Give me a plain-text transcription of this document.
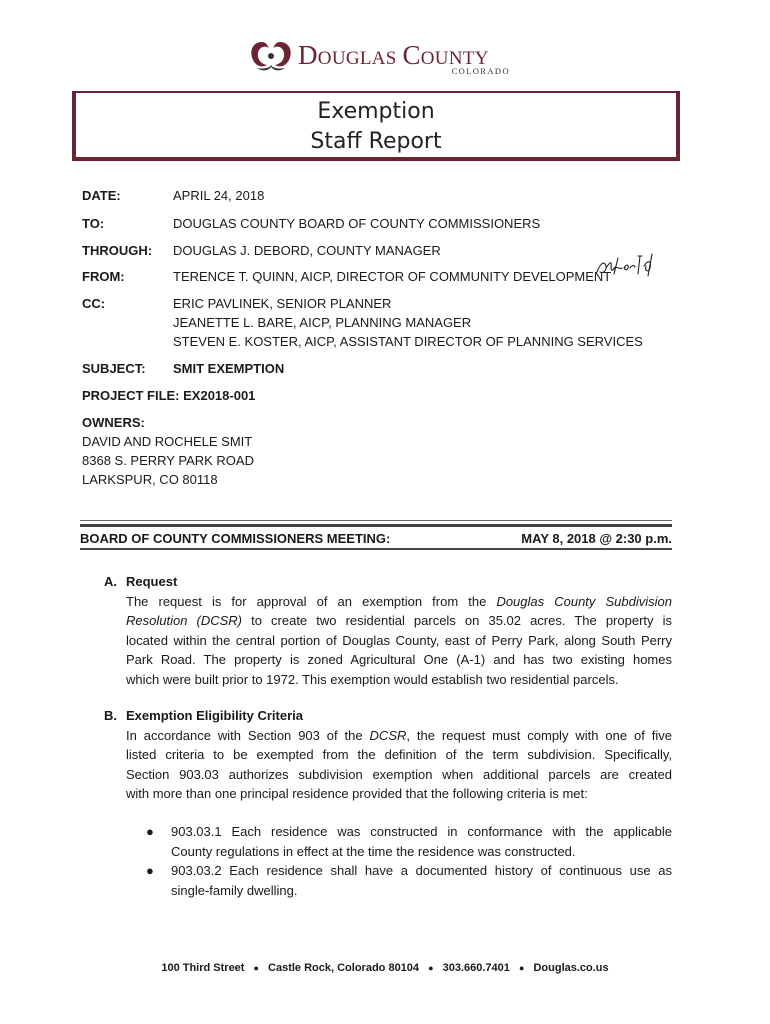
Douglas County
COLORADO
Exemption
Staff Report
DATE:	APRIL 24, 2018
TO:	DOUGLAS COUNTY BOARD OF COUNTY COMMISSIONERS
THROUGH: DOUGLAS J. DEBORD, COUNTY MANAGER
FROM:	TERENCE T. QUINN, AICP, DIRECTOR OF COMMUNITY DEVELOPMENT
CC:	ERIC PAVLINEK, SENIOR PLANNER
JEANETTE L. BARE, AICP, PLANNING MANAGER
STEVEN E. KOSTER, AICP, ASSISTANT DIRECTOR OF PLANNING SERVICES
SUBJECT: SMIT EXEMPTION
PROJECT FILE: EX2018-001
OWNERS:
DAVID AND ROCHELE SMIT
8368 S. PERRY PARK ROAD
LARKSPUR, CO 80118
BOARD OF COUNTY COMMISSIONERS MEETING:	MAY 8, 2018 @ 2:30 p.m.
A. Request

The request is for approval of an exemption from the Douglas County Subdivision
Resolution (DCSR) to create two residential parcels on 35.02 acres. The property is
located within the central portion of Douglas County, east of Perry Park, along South Perry
Park Road. The property is zoned Agricultural One (A-1) and has two existing homes
which were built prior to 1972. This exemption would establish two residential parcels.

B. Exemption Eligibility Criteria

In accordance with Section 903 of the DCSR, the request must comply with one of five
listed criteria to be exempted from the definition of the term subdivision. Specifically,
Section 903.03 authorizes subdivision exemption when additional parcels are created
with more than one principal residence provided that the following criteria is met:

● 903.03.1 Each residence was constructed in conformance with the applicable
County regulations in effect at the time the residence was constructed.
● 903.03.2 Each residence shall have a documented history of continuous use as
single-family dwelling.
100 Third Street ● Castle Rock, Colorado 80104 ● 303.660.7401 ● Douglas.co.us
